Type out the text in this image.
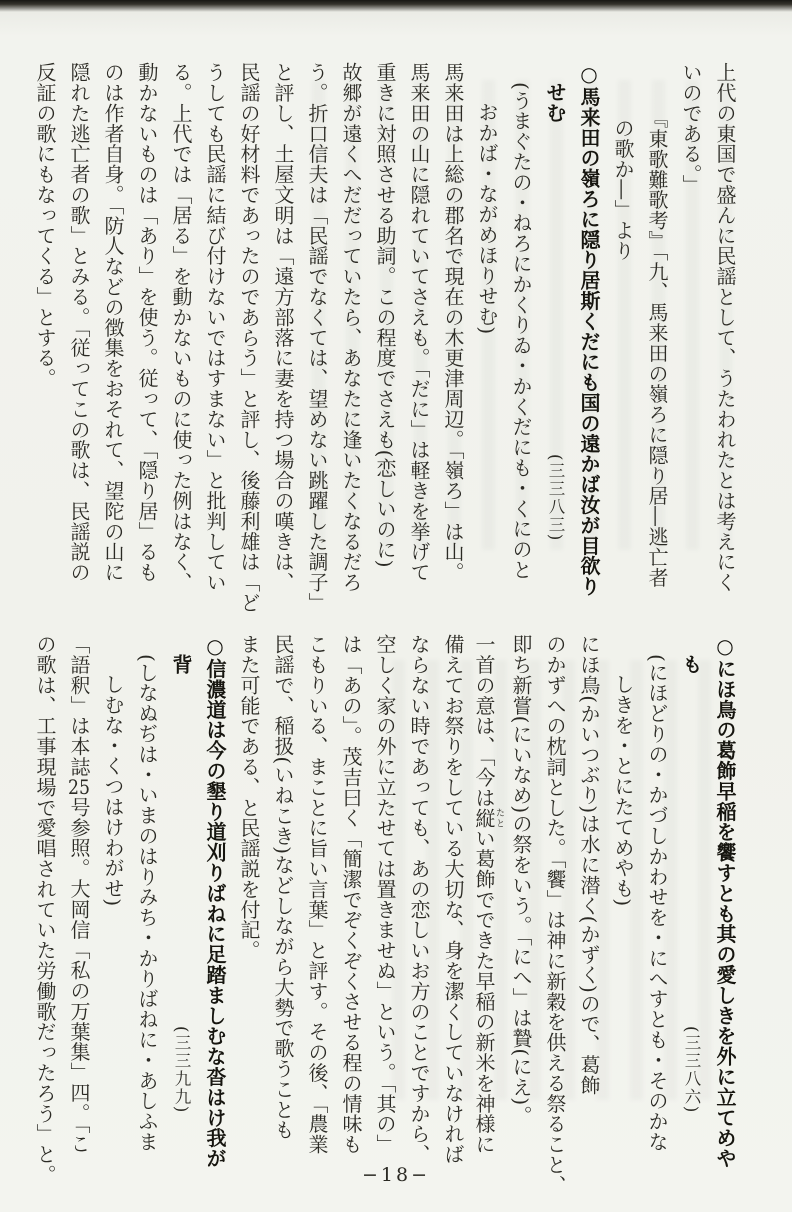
上代の東国で盛んに民謡として、うたわれたとは考えにく
いのである。」
『東歌難歌考』「九、馬来田の嶺ろに隠り居―逃亡者
の歌か―」より
○馬来田の嶺ろに隠り居斯くだにも国の遠かば汝が目欲り
せむ
(三三八三)
(うまぐたの・ねろにかくりゐ・かくだにも・くにのと
おかば・ながめほりせむ)
馬来田は上総の郡名で現在の木更津周辺。「嶺ろ」は山。
馬来田の山に隠れていてさえも。「だに」は軽きを挙げて
重きに対照させる助詞。この程度でさえも(恋しいのに)
故郷が遠くへだだっていたら、あなたに逢いたくなるだろ
う。折口信夫は「民謡でなくては、望めない跳躍した調子」
と評し、土屋文明は「遠方部落に妻を持つ場合の嘆きは、
民謡の好材料であったのであらう」と評し、後藤利雄は「ど
うしても民謡に結び付けないではすまない」と批判してい
る。上代では「居る」を動かないものに使った例はなく、
動かないものは「あり」を使う。従って、「隠り居」るも
のは作者自身。「防人などの徴集をおそれて、望陀の山に
隠れた逃亡者の歌」とみる。「従ってこの歌は、民謡説の
反証の歌にもなってくる」とする。
○にほ鳥の葛飾早稲を饗すとも其の愛しきを外に立てめや
も
(三三八六)
(にほどりの・かづしかわせを・にへすとも・そのかな
しきを・とにたてめやも)
にほ鳥(かいつぶり)は水に潜く(かずく)ので、葛飾
のかずへの枕詞とした。「饗」は神に新穀を供える祭ること、
即ち新嘗(にいなめ)の祭をいう。「にへ」は贄(にえ)。
一首の意は、「今は縦たとい葛飾でできた早稲の新米を神様に
備えてお祭りをしている大切な、身を潔くしていなければ
ならない時であっても、あの恋しいお方のことですから、
空しく家の外に立たせては置きませぬ」という。「其の」
は「あの」。茂吉曰く「簡潔でぞくぞくさせる程の情味も
こもりいる、まことに旨い言葉」と評す。その後、「農業
民謡で、稲扱(いねこき)などしながら大勢で歌うことも
また可能である、と民謡説を付記。
○信濃道は今の墾り道刈りばねに足踏ましむな沓はけ我が
背
(三三九九)
(しなぬぢは・いまのはりみち・かりばねに・あしふま
しむな・くつはけわがせ)
「語釈」は本誌25号参照。大岡信「私の万葉集」四。「こ
の歌は、工事現場で愛唱されていた労働歌だったろう」と。	−18−
